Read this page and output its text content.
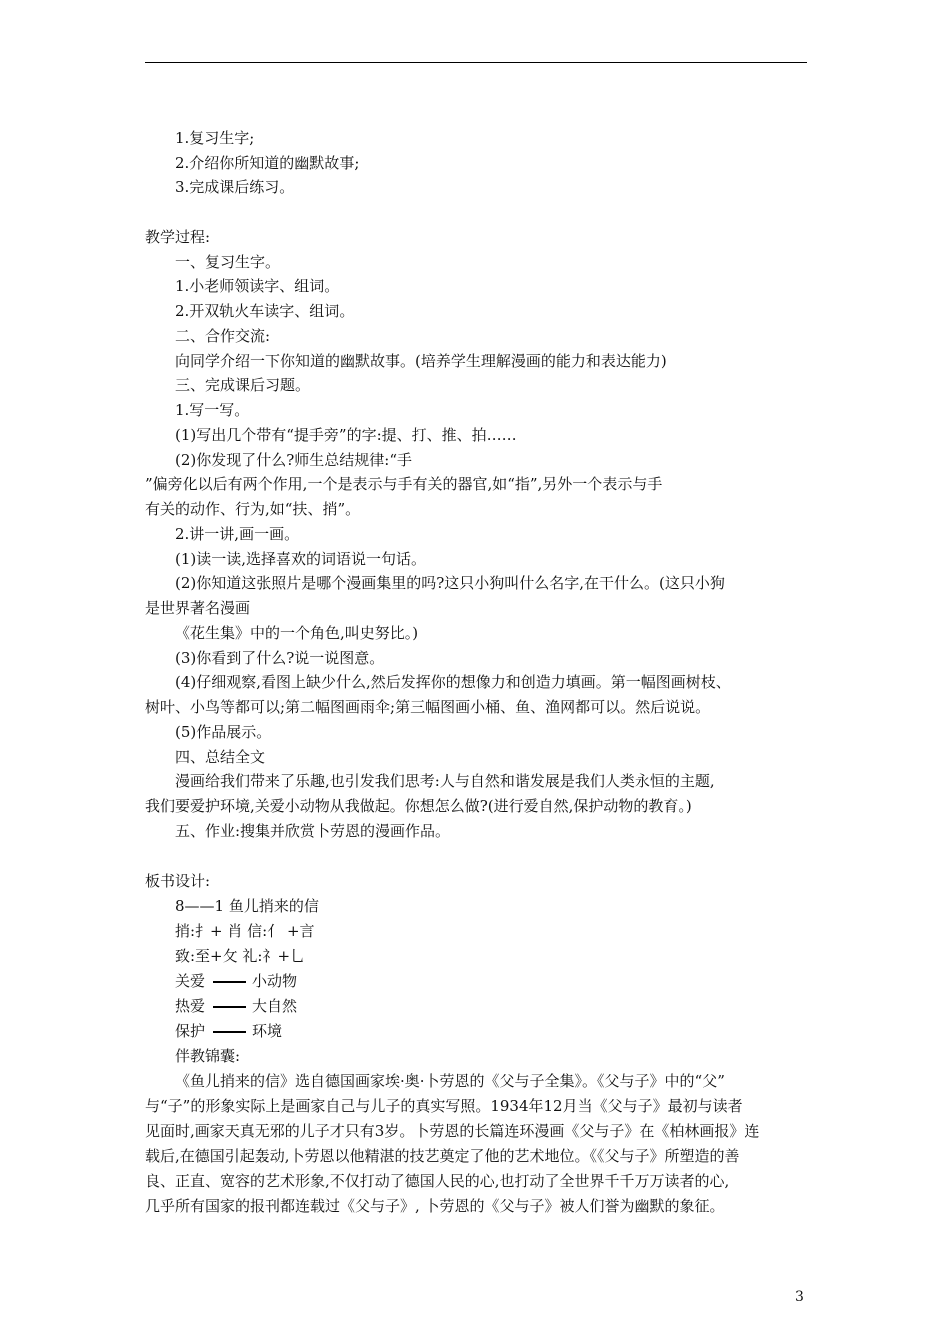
1.复习生字;
2.介绍你所知道的幽默故事;
3.完成课后练习。
教学过程:
一、复习生字。
1.小老师领读字、组词。
2.开双轨火车读字、组词。
二、合作交流:
向同学介绍一下你知道的幽默故事。(培养学生理解漫画的能力和表达能力)
三、完成课后习题。
1.写一写。
(1)写出几个带有“提手旁”的字:提、打、推、拍……
(2)你发现了什么?师生总结规律:“手
”偏旁化以后有两个作用,一个是表示与手有关的器官,如“指”,另外一个表示与手
有关的动作、行为,如“扶、捎”。
2.讲一讲,画一画。
(1)读一读,选择喜欢的词语说一句话。
(2)你知道这张照片是哪个漫画集里的吗?这只小狗叫什么名字,在干什么。(这只小狗
是世界著名漫画
《花生集》中的一个角色,叫史努比。)
(3)你看到了什么?说一说图意。
(4)仔细观察,看图上缺少什么,然后发挥你的想像力和创造力填画。第一幅图画树枝、
树叶、小鸟等都可以;第二幅图画雨伞;第三幅图画小桶、鱼、渔网都可以。然后说说。
(5)作品展示。
四、总结全文
漫画给我们带来了乐趣,也引发我们思考:人与自然和谐发展是我们人类永恒的主题,
我们要爱护环境,关爱小动物从我做起。你想怎么做?(进行爱自然,保护动物的教育。)
五、作业:搜集并欣赏卜劳恩的漫画作品。
板书设计:
8——1 鱼儿捎来的信
捎:扌+ 肖 信:亻 +言
致:至+攵 礼:礻+乚
关爱	小动物
热爱	大自然
保护	环境
伴教锦囊:
《鱼儿捎来的信》选自德国画家埃·奥·卜劳恩的《父与子全集》。《父与子》中的“父”
与“子”的形象实际上是画家自己与儿子的真实写照。1934年12月当《父与子》最初与读者
见面时,画家天真无邪的儿子才只有3岁。卜劳恩的长篇连环漫画《父与子》在《柏林画报》连
载后,在德国引起轰动,卜劳恩以他精湛的技艺奠定了他的艺术地位。《《父与子》所塑造的善
良、正直、宽容的艺术形象,不仅打动了德国人民的心,也打动了全世界千千万万读者的心,
几乎所有国家的报刊都连载过《父与子》, 卜劳恩的《父与子》被人们誉为幽默的象征。
3
